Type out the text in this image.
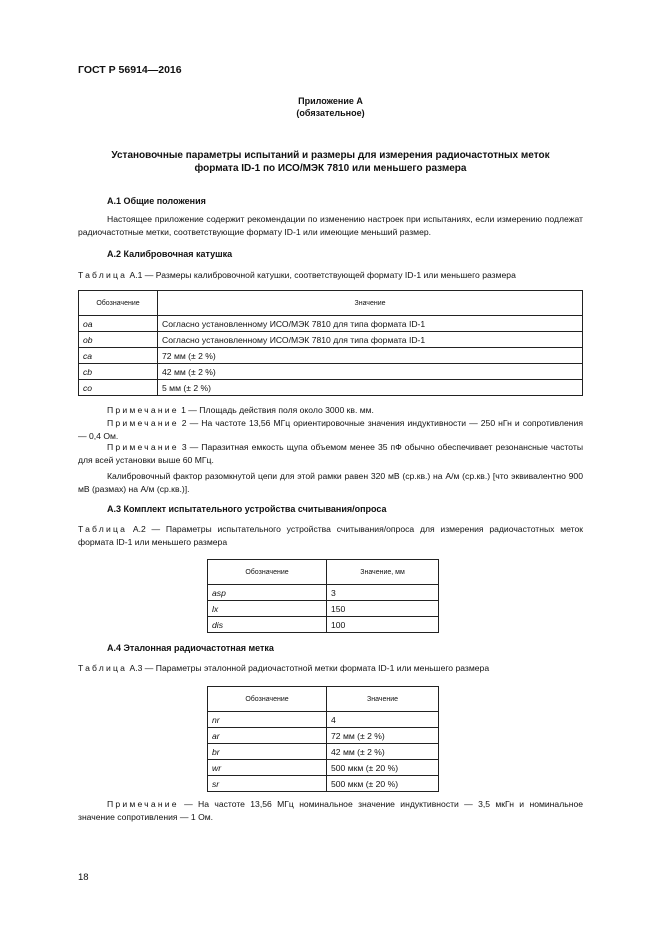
ГОСТ Р 56914—2016
Приложение А
(обязательное)
Установочные параметры испытаний и размеры для измерения радиочастотных меток
формата ID-1 по ИСО/МЭК 7810 или меньшего размера
А.1 Общие положения
Настоящее приложение содержит рекомендации по изменению настроек при испытаниях, если измерению подлежат радиочастотные метки, соответствующие формату ID-1 или имеющие меньший размер.
А.2 Калибровочная катушка
Таблица А.1 — Размеры калибровочной катушки, соответствующей формату ID-1 или меньшего размера
Обозначение	Значение
oa	Согласно установленному ИСО/МЭК 7810 для типа формата ID-1
ob	Согласно установленному ИСО/МЭК 7810 для типа формата ID-1
ca	72 мм (± 2 %)
cb	42 мм (± 2 %)
co	5 мм (± 2 %)
Примечание 1 — Площадь действия поля около 3000 кв. мм.
Примечание 2 — На частоте 13,56 МГц ориентировочные значения индуктивности — 250 нГн и сопротивления — 0,4 Ом.
Примечание 3 — Паразитная емкость щупа объемом менее 35 пФ обычно обеспечивает резонансные частоты для всей установки выше 60 МГц.
Калибровочный фактор разомкнутой цепи для этой рамки равен 320 мВ (ср.кв.) на А/м (ср.кв.) [что эквивалентно 900 мВ (размах) на А/м (ср.кв.)].
А.3 Комплект испытательного устройства считывания/опроса
Таблица А.2 — Параметры испытательного устройства считывания/опроса для измерения радиочастотных меток формата ID-1 или меньшего размера
Обозначение	Значение, мм
asp	3
lx	150
dis	100
А.4 Эталонная радиочастотная метка
Таблица А.3 — Параметры эталонной радиочастотной метки формата ID-1 или меньшего размера
Обозначение	Значение
nr	4
ar	72 мм (± 2 %)
br	42 мм (± 2 %)
wr	500 мкм (± 20 %)
sr	500 мкм (± 20 %)
Примечание — На частоте 13,56 МГц номинальное значение индуктивности — 3,5 мкГн и номинальное значение сопротивления — 1 Ом.
18
